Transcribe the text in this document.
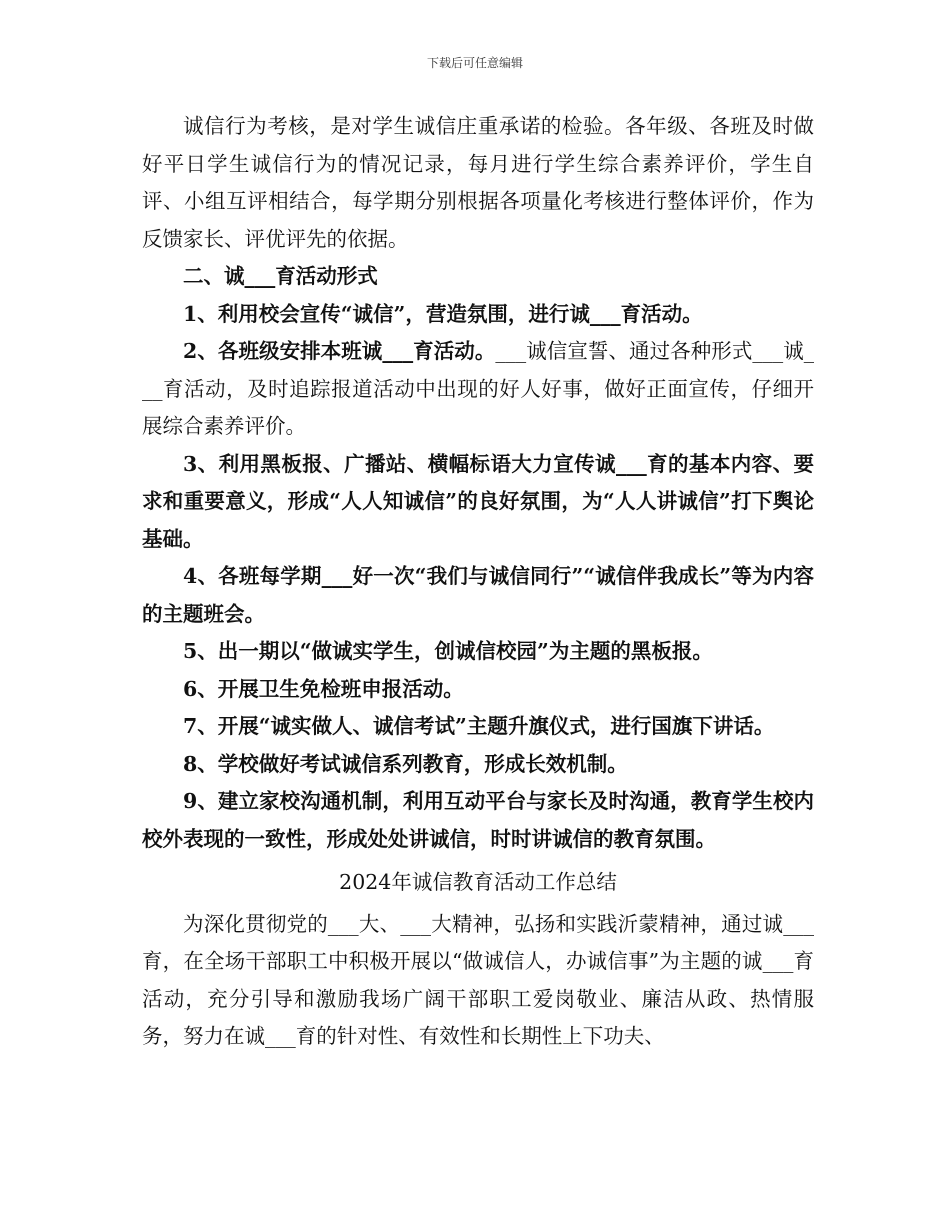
下载后可任意编辑

诚信行为考核，是对学生诚信庄重承诺的检验。各年级、各班及时做好平日学生诚信行为的情况记录，每月进行学生综合素养评价，学生自评、小组互评相结合，每学期分别根据各项量化考核进行整体评价，作为反馈家长、评优评先的依据。

二、诚___育活动形式

1、利用校会宣传“诚信”，营造氛围，进行诚___育活动。

2、各班级安排本班诚___育活动。___诚信宣誓、通过各种形式___诚___育活动，及时追踪报道活动中出现的好人好事，做好正面宣传，仔细开展综合素养评价。

3、利用黑板报、广播站、横幅标语大力宣传诚___育的基本内容、要求和重要意义，形成“人人知诚信”的良好氛围，为“人人讲诚信”打下舆论基础。

4、各班每学期___好一次“我们与诚信同行”“诚信伴我成长”等为内容的主题班会。

5、出一期以“做诚实学生，创诚信校园”为主题的黑板报。

6、开展卫生免检班申报活动。

7、开展“诚实做人、诚信考试”主题升旗仪式，进行国旗下讲话。

8、学校做好考试诚信系列教育，形成长效机制。

9、建立家校沟通机制，利用互动平台与家长及时沟通，教育学生校内校外表现的一致性，形成处处讲诚信，时时讲诚信的教育氛围。

2024年诚信教育活动工作总结

为深化贯彻党的___大、___大精神，弘扬和实践沂蒙精神，通过诚___育，在全场干部职工中积极开展以“做诚信人，办诚信事”为主题的诚___育活动，充分引导和激励我场广阔干部职工爱岗敬业、廉洁从政、热情服务，努力在诚___育的针对性、有效性和长期性上下功夫、
